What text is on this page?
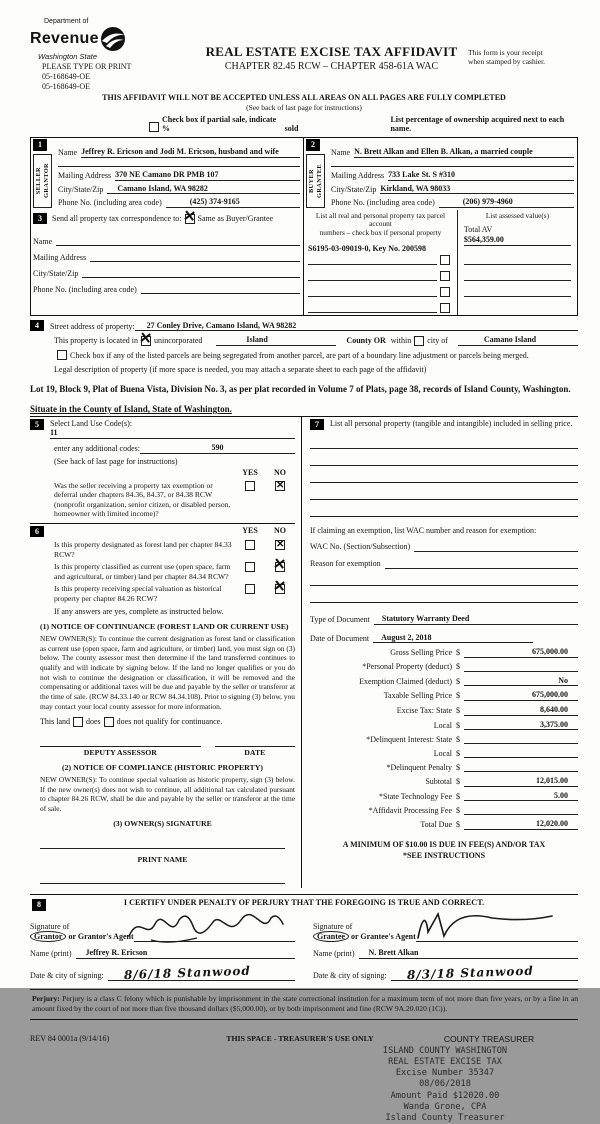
Department of
Revenue
Washington State
PLEASE TYPE OR PRINT
05-168649-OE
05-168649-OE
REAL ESTATE EXCISE TAX AFFIDAVIT
CHAPTER 82.45 RCW – CHAPTER 458-61A WAC
This form is your receipt
when stamped by cashier.
THIS AFFIDAVIT WILL NOT BE ACCEPTED UNLESS ALL AREAS ON ALL PAGES ARE FULLY COMPLETED
(See back of last page for instructions)
Check box if partial sale, indicate %	sold
List percentage of ownership acquired next to each name.
1
SELLER GRANTOR
Name Jeffrey R. Ericson and Jodi M. Ericson, husband and wife
Mailing Address 370 NE Camano DR PMB 107
City/State/Zip	Camano Island, WA 98282
Phone No. (including area code)	(425) 374-9165
2
BUYER GRANTEE
Name N. Brett Alkan and Ellen B. Alkan, a married couple
Mailing Address 733 Lake St. S #310
City/State/Zip Kirkland, WA 98033
Phone No. (including area code)	(206) 979-4960
3	Send all property tax correspondence to: ✕ Same as Buyer/Grantee
Name
Mailing Address
City/State/Zip
Phone No. (including area code)
List all real and personal property tax parcel account
numbers – check box if personal property
S6195-03-09019-0, Key No. 200598
List assessed value(s)
Total AV
$564,359.00
4	Street address of property:	27 Conley Drive, Camano Island, WA 98282
This property is located in ✕ unincorporated	Island	County OR within city of	Camano Island
Check box if any of the listed parcels are being segregated from another parcel, are part of a boundary line adjustment or parcels being merged.
Legal description of property (if more space is needed, you may attach a separate sheet to each page of the affidavit)
Lot 19, Block 9, Plat of Buena Vista, Division No. 3, as per plat recorded in Volume 7 of Plats, page 38, records of Island County, Washington.
Situate in the County of Island, State of Washington.
5	Select Land Use Code(s):
11
enter any additional codes:	590
(See back of last page for instructions)
YES	NO
Was the seller receiving a property tax exemption or deferral under chapters 84.36, 84.37, or 84.38 RCW (nonprofit organization, senior citizen, or disabled person, homeowner with limited income)?
✕
6	YES	NO
Is this property designated as forest land per chapter 84.33 RCW?
✕
Is this property classified as current use (open space, farm and agricultural, or timber) land per chapter 84.34 RCW?
✕
Is this property receiving special valuation as historical property per chapter 84.26 RCW?
✕
If any answers are yes, complete as instructed below.
(1) NOTICE OF CONTINUANCE (FOREST LAND OR CURRENT USE)
NEW OWNER(S): To continue the current designation as forest land or classification as current use (open space, farm and agriculture, or timber) land, you must sign on (3) below. The county assessor must then determine if the land transferred continues to qualify and will indicate by signing below. If the land no longer qualifies or you do not wish to continue the designation or classification, it will be removed and the compensating or additional taxes will be due and payable by the seller or transferor at the time of sale. (RCW 84.33.140 or RCW 84.34.108). Prior to signing (3) below, you may contact your local county assessor for more information.
This land does does not qualify for continuance.
DEPUTY ASSESSOR	DATE
(2) NOTICE OF COMPLIANCE (HISTORIC PROPERTY)
NEW OWNER(S): To continue special valuation as historic property, sign (3) below. If the new owner(s) does not wish to continue, all additional tax calculated pursuant to chapter 84.26 RCW, shall be due and payable by the seller or transferor at the time of sale.
(3) OWNER(S) SIGNATURE
PRINT NAME
7	List all personal property (tangible and intangible) included in selling price.
If claiming an exemption, list WAC number and reason for exemption:
WAC No. (Section/Subsection)
Reason for exemption
Type of Document	Statutory Warranty Deed
Date of Document	August 2, 2018
Gross Selling Price $	675,000.00
*Personal Property (deduct) $
Exemption Claimed (deduct) $	No
Taxable Selling Price $	675,000.00
Excise Tax: State $	8,640.00
Local $	3,375.00
*Delinquent Interest: State $
Local $
*Delinquent Penalty $
Subtotal $	12,015.00
*State Technology Fee $	5.00
*Affidavit Processing Fee $
Total Due $	12,020.00
A MINIMUM OF $10.00 IS DUE IN FEE(S) AND/OR TAX
*SEE INSTRUCTIONS
8	I CERTIFY UNDER PENALTY OF PERJURY THAT THE FOREGOING IS TRUE AND CORRECT.
Signature of
Grantor or Grantor's Agent
Name (print)	Jeffrey R. Ericson
Date & city of signing:	8/6/18 Stanwood
Signature of
Grantee or Grantee's Agent
Name (print)	N. Brett Alkan
Date & city of signing:	8/3/18 Stanwood
Perjury: Perjury is a class C felony which is punishable by imprisonment in the state correctional institution for a maximum term of not more than five years, or by a fine in an amount fixed by the court of not more than five thousand dollars ($5,000.00), or by both imprisonment and fine (RCW 9A.20.020 (1C)).
REV 84 0001a (9/14/16)	THIS SPACE - TREASURER'S USE ONLY	COUNTY TREASURER
ISLAND COUNTY WASHINGTON
REAL ESTATE EXCISE TAX
Excise Number 35347
08/06/2018
Amount Paid $12020.00
Wanda Grone, CPA
Island County Treasurer
